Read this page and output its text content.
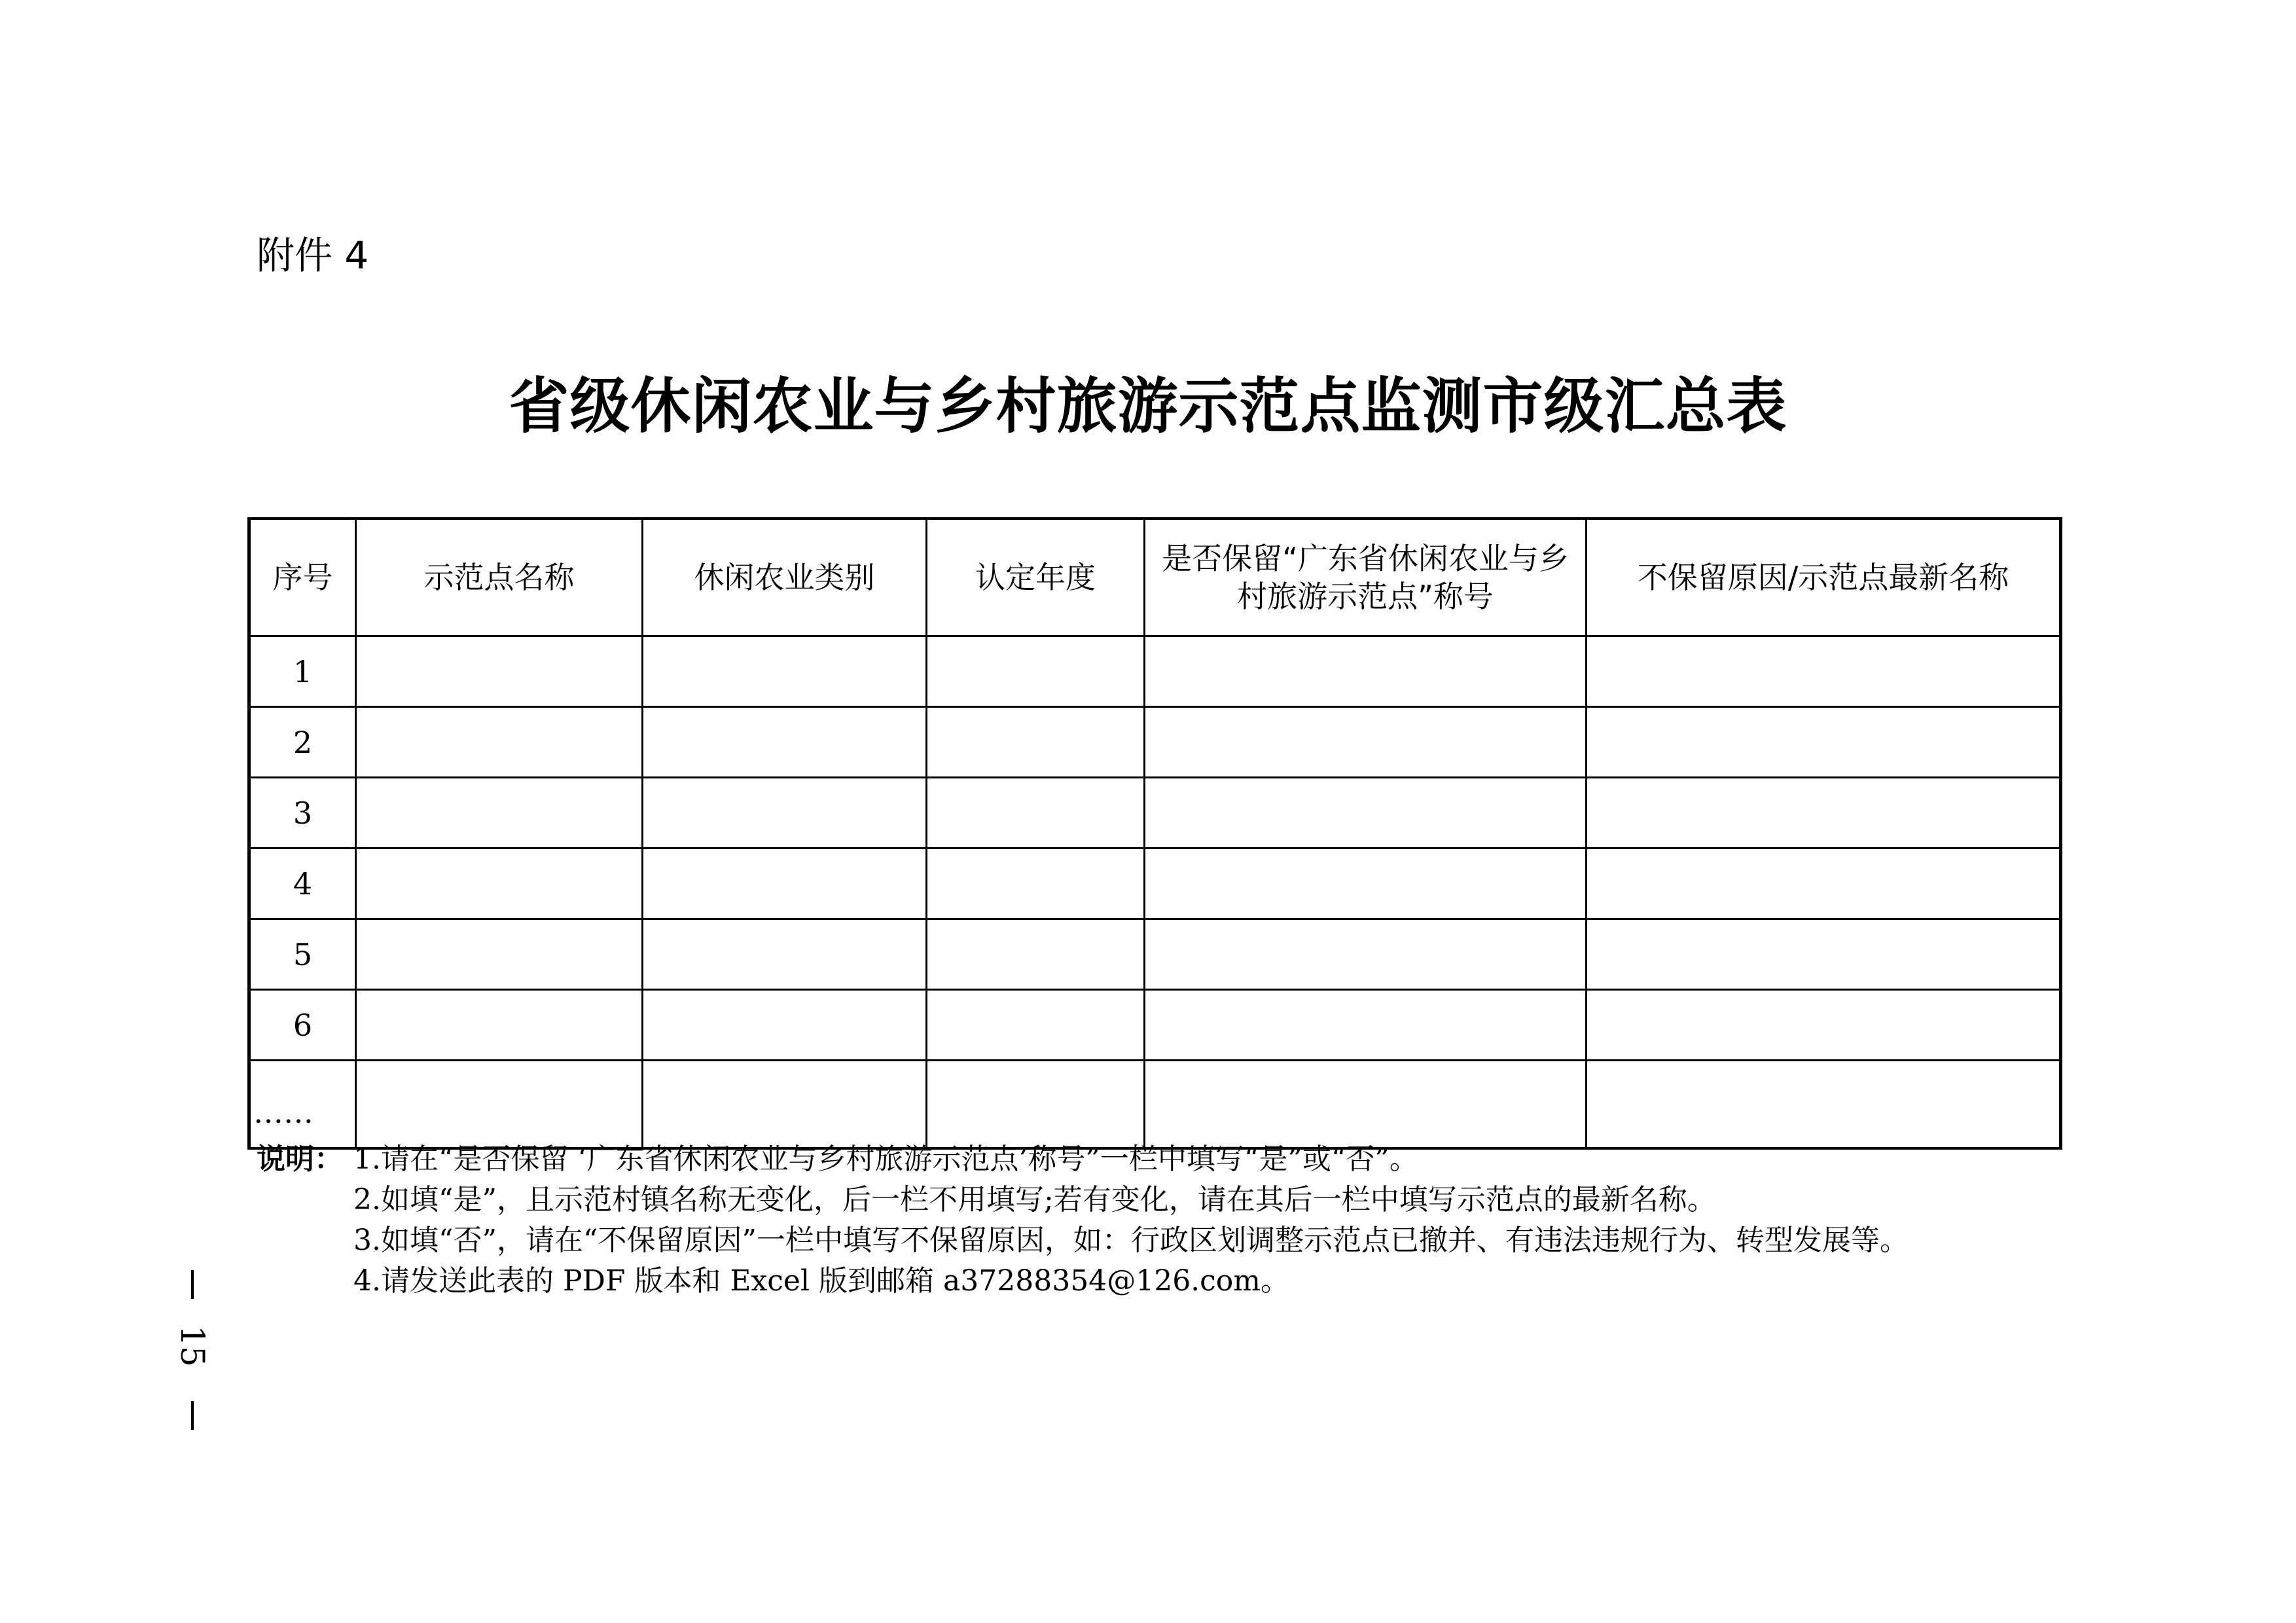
附件 4
省级休闲农业与乡村旅游示范点监测市级汇总表
序号	示范点名称	休闲农业类别	认定年度	是否保留“广东省休闲农业与乡村旅游示范点”称号	不保留原因/示范点最新名称
1					
2					
3					
4					
5					
6					
……					
说明： 1. 请在“是否保留 ‘广东省休闲农业与乡村旅游示范点’称号”一栏中填写“是”或“否”。
2. 如填“是”，且示范村镇名称无变化，后一栏不用填写;若有变化，请在其后一栏中填写示范点的最新名称。
3. 如填“否”，请在“不保留原因”一栏中填写不保留原因，如：行政区划调整示范点已撤并、有违法违规行为、转型发展等。
4. 请发送此表的 PDF 版本和 Excel 版到邮箱 a37288354@126.com。
15
